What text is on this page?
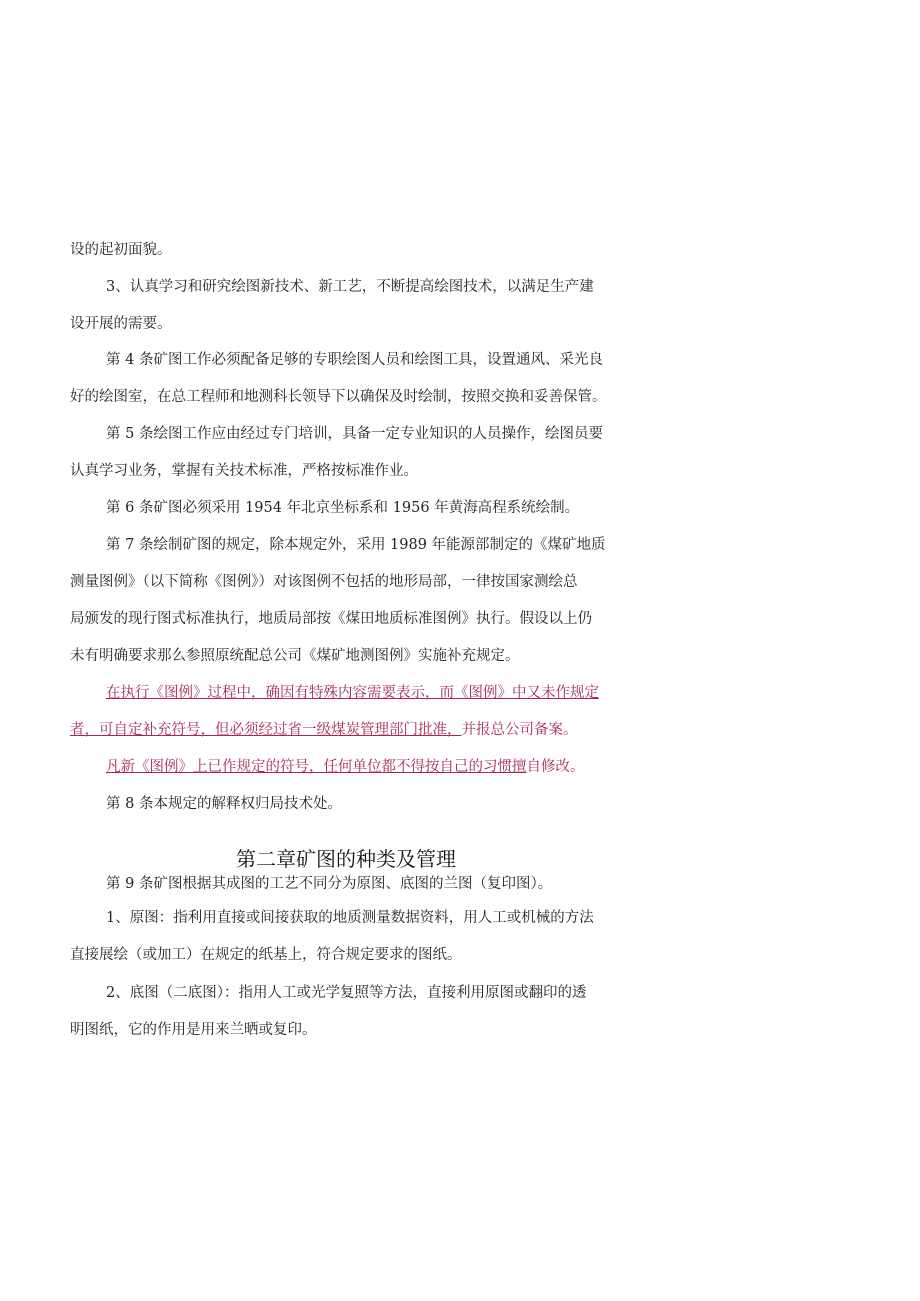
设的起初面貌。
3、认真学习和研究绘图新技术、新工艺，不断提高绘图技术，以满足生产建
设开展的需要。
第 4 条矿图工作必须配备足够的专职绘图人员和绘图工具，设置通风、采光良
好的绘图室，在总工程师和地测科长领导下以确保及时绘制，按照交换和妥善保管。
第 5 条绘图工作应由经过专门培训，具备一定专业知识的人员操作，绘图员要
认真学习业务，掌握有关技术标准，严格按标准作业。
第 6 条矿图必须采用 1954 年北京坐标系和 1956 年黄海高程系统绘制。
第 7 条绘制矿图的规定，除本规定外，采用 1989 年能源部制定的《煤矿地质
测量图例》（以下简称《图例》）对该图例不包括的地形局部，一律按国家测绘总
局颁发的现行图式标准执行，地质局部按《煤田地质标准图例》执行。假设以上仍
未有明确要求那么参照原统配总公司《煤矿地测图例》实施补充规定。
在执行《图例》过程中，确因有特殊内容需要表示，而《图例》中又未作规定
者，可自定补充符号，但必须经过省一级煤炭管理部门批准，并报总公司备案。
凡新《图例》上已作规定的符号，任何单位都不得按自己的习惯擅自修改。
第 8 条本规定的解释权归局技术处。
第二章矿图的种类及管理
第 9 条矿图根据其成图的工艺不同分为原图、底图的兰图（复印图）。
1、原图：指利用直接或间接获取的地质测量数据资料，用人工或机械的方法
直接展绘（或加工）在规定的纸基上，符合规定要求的图纸。
2、底图（二底图）：指用人工或光学复照等方法，直接利用原图或翻印的透
明图纸，它的作用是用来兰晒或复印。
